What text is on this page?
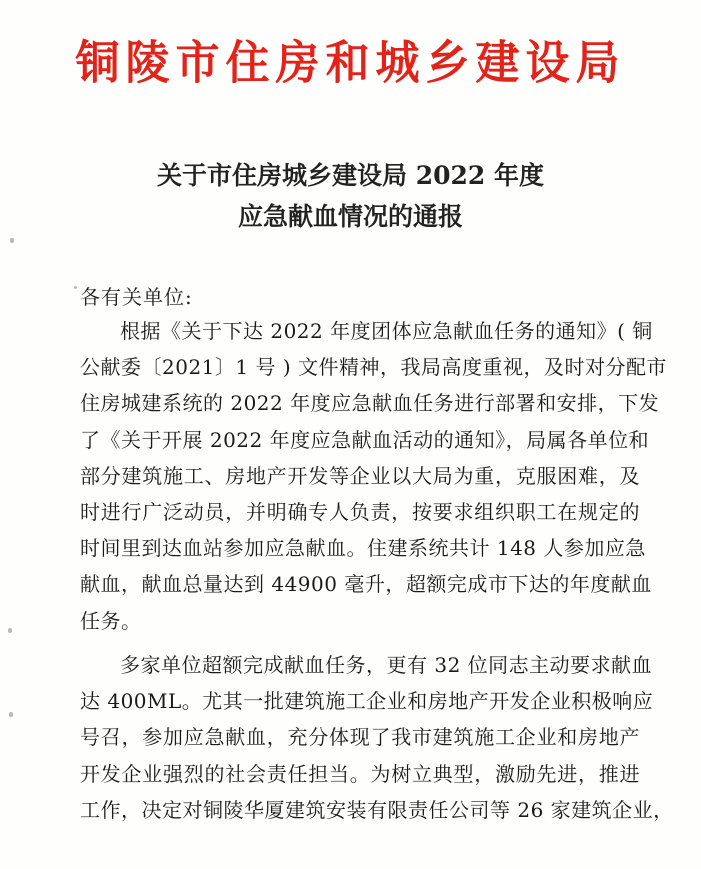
铜陵市住房和城乡建设局
关于市住房城乡建设局 2022 年度
应急献血情况的通报
各有关单位:
根据《关于下达 2022 年度团体应急献血任务的通知》( 铜
公献委〔2021〕1 号 ) 文件精神，我局高度重视，及时对分配市
住房城建系统的 2022 年度应急献血任务进行部署和安排，下发
了《关于开展 2022 年度应急献血活动的通知》，局属各单位和
部分建筑施工、房地产开发等企业以大局为重，克服困难，及
时进行广泛动员，并明确专人负责，按要求组织职工在规定的
时间里到达血站参加应急献血。住建系统共计 148 人参加应急
献血，献血总量达到 44900 毫升，超额完成市下达的年度献血
任务。
多家单位超额完成献血任务，更有 32 位同志主动要求献血
达 400ML。尤其一批建筑施工企业和房地产开发企业积极响应
号召，参加应急献血，充分体现了我市建筑施工企业和房地产
开发企业强烈的社会责任担当。为树立典型，激励先进，推进
工作，决定对铜陵华厦建筑安装有限责任公司等 26 家建筑企业，
